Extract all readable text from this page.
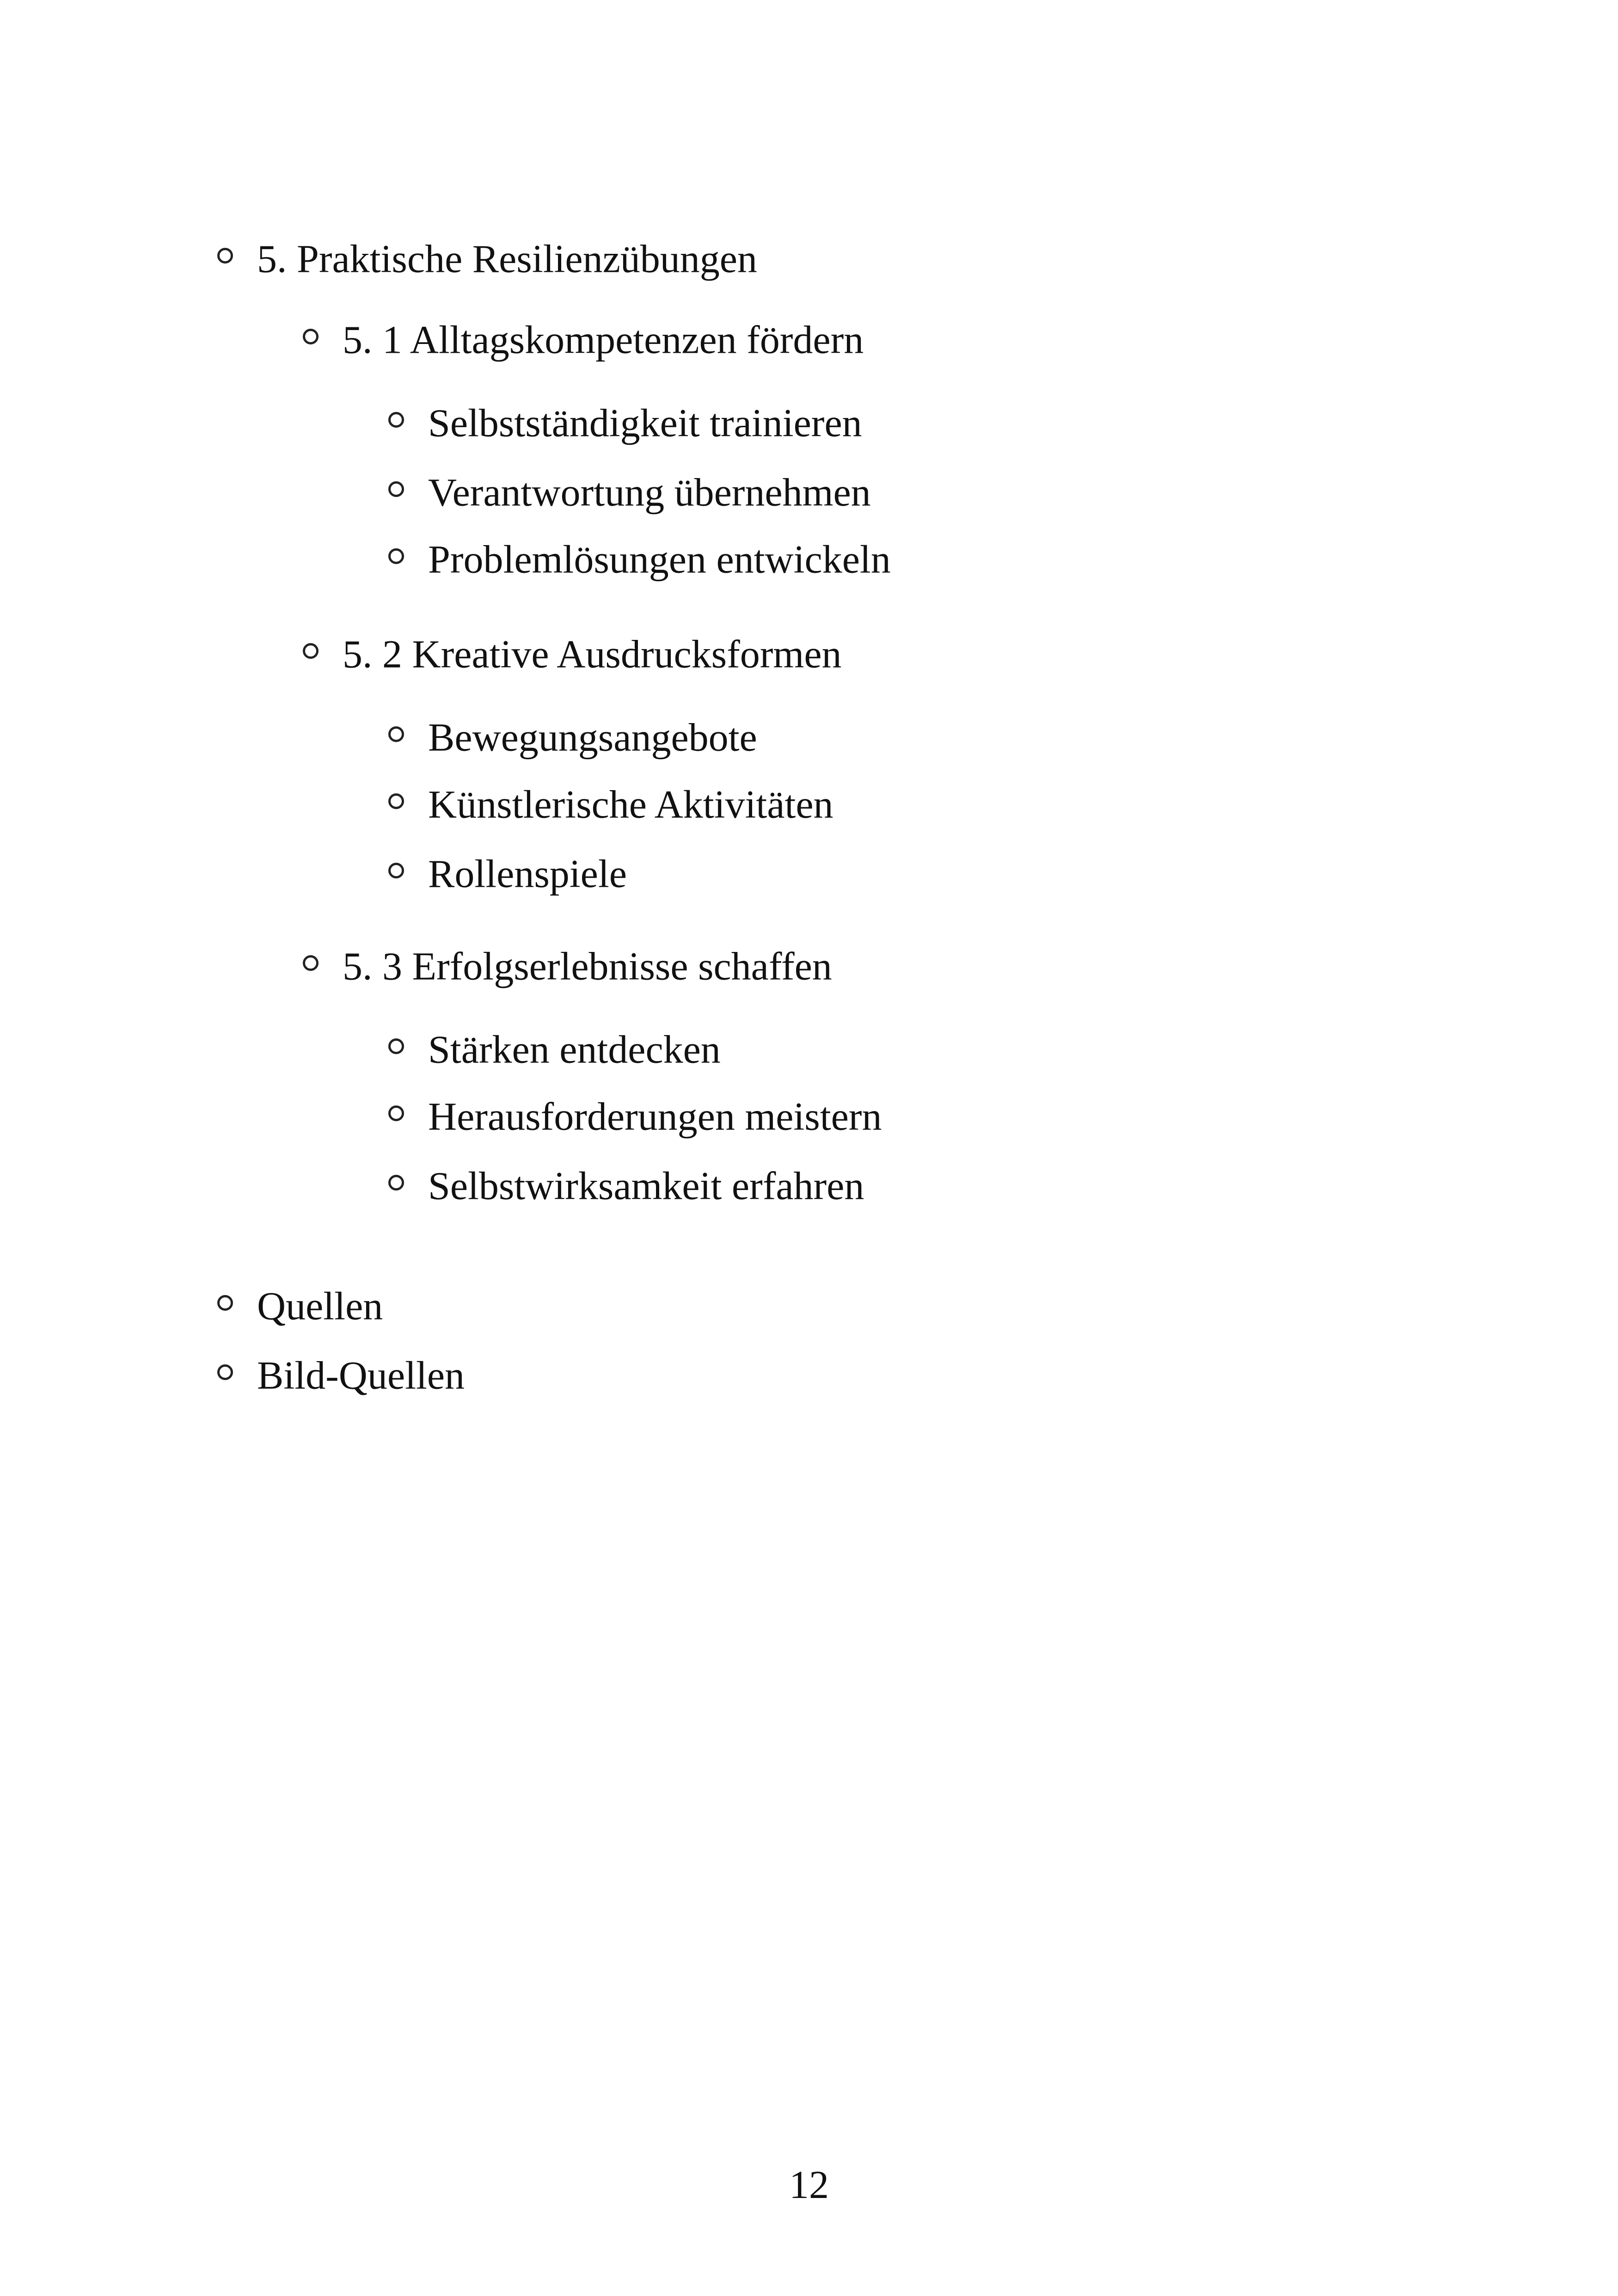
5. Praktische Resilienzübungen
5. 1 Alltagskompetenzen fördern
Selbstständigkeit trainieren
Verantwortung übernehmen
Problemlösungen entwickeln
5. 2 Kreative Ausdrucksformen
Bewegungsangebote
Künstlerische Aktivitäten
Rollenspiele
5. 3 Erfolgserlebnisse schaffen
Stärken entdecken
Herausforderungen meistern
Selbstwirksamkeit erfahren
Quellen
Bild-Quellen
12
